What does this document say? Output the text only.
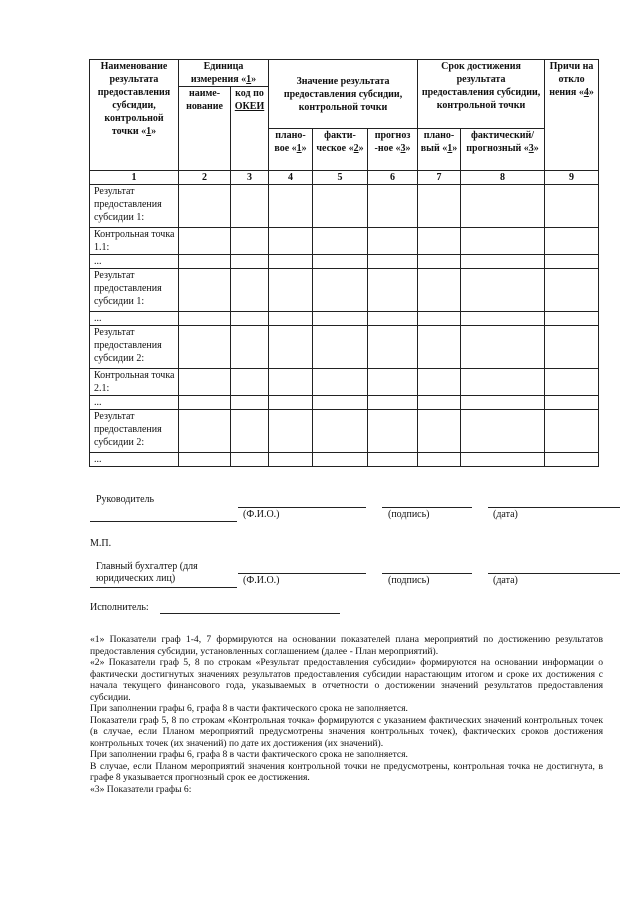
Наименование результата предоставления субсидии, контрольной точки «1»	Единица измерения «1»		Значение результата предоставления субсидии, контрольной точки			Срок достижения результата предоставления субсидии, контрольной точки		Причи на откло нения «4»
	наиме-нование	код по ОКЕИ						
			плано-вое «1»	факти-ческое «2»	прогноз -ное «3»	плано-вый «1»	фактический/ прогнозный «3»	
1	2	3	4	5	6	7	8	9
Результат предоставления субсидии 1:								
Контрольная точка 1.1:								
...								
Результат предоставления субсидии 1:								
...								
Результат предоставления субсидии 2:								
Контрольная точка 2.1:								
...								
Результат предоставления субсидии 2:								
...								
Руководитель
(Ф.И.О.)	(подпись)	(дата)
М.П.
Главный бухгалтер (для юридических лиц)	(Ф.И.О.)	(подпись)	(дата)
Исполнитель:

«1» Показатели граф 1-4, 7 формируются на основании показателей плана мероприятий по достижению результатов предоставления субсидии, установленных соглашением (далее - План мероприятий).

«2» Показатели граф 5, 8 по строкам «Результат предоставления субсидии» формируются на основании информации о фактически достигнутых значениях результатов предоставления субсидии нарастающим итогом и сроке их достижения с начала текущего финансового года, указываемых в отчетности о достижении значений результатов предоставления субсидии.

При заполнении графы 6, графа 8 в части фактического срока не заполняется.

Показатели граф 5, 8 по строкам «Контрольная точка» формируются с указанием фактических значений контрольных точек (в случае, если Планом мероприятий предусмотрены значения контрольных точек), фактических сроков достижения контрольных точек (их значений) по дате их достижения (их значений).

При заполнении графы 6, графа 8 в части фактического срока не заполняется.

В случае, если Планом мероприятий значения контрольной точки не предусмотрены, контрольная точка не достигнута, в графе 8 указывается прогнозный срок ее достижения.

«3» Показатели графы 6:
